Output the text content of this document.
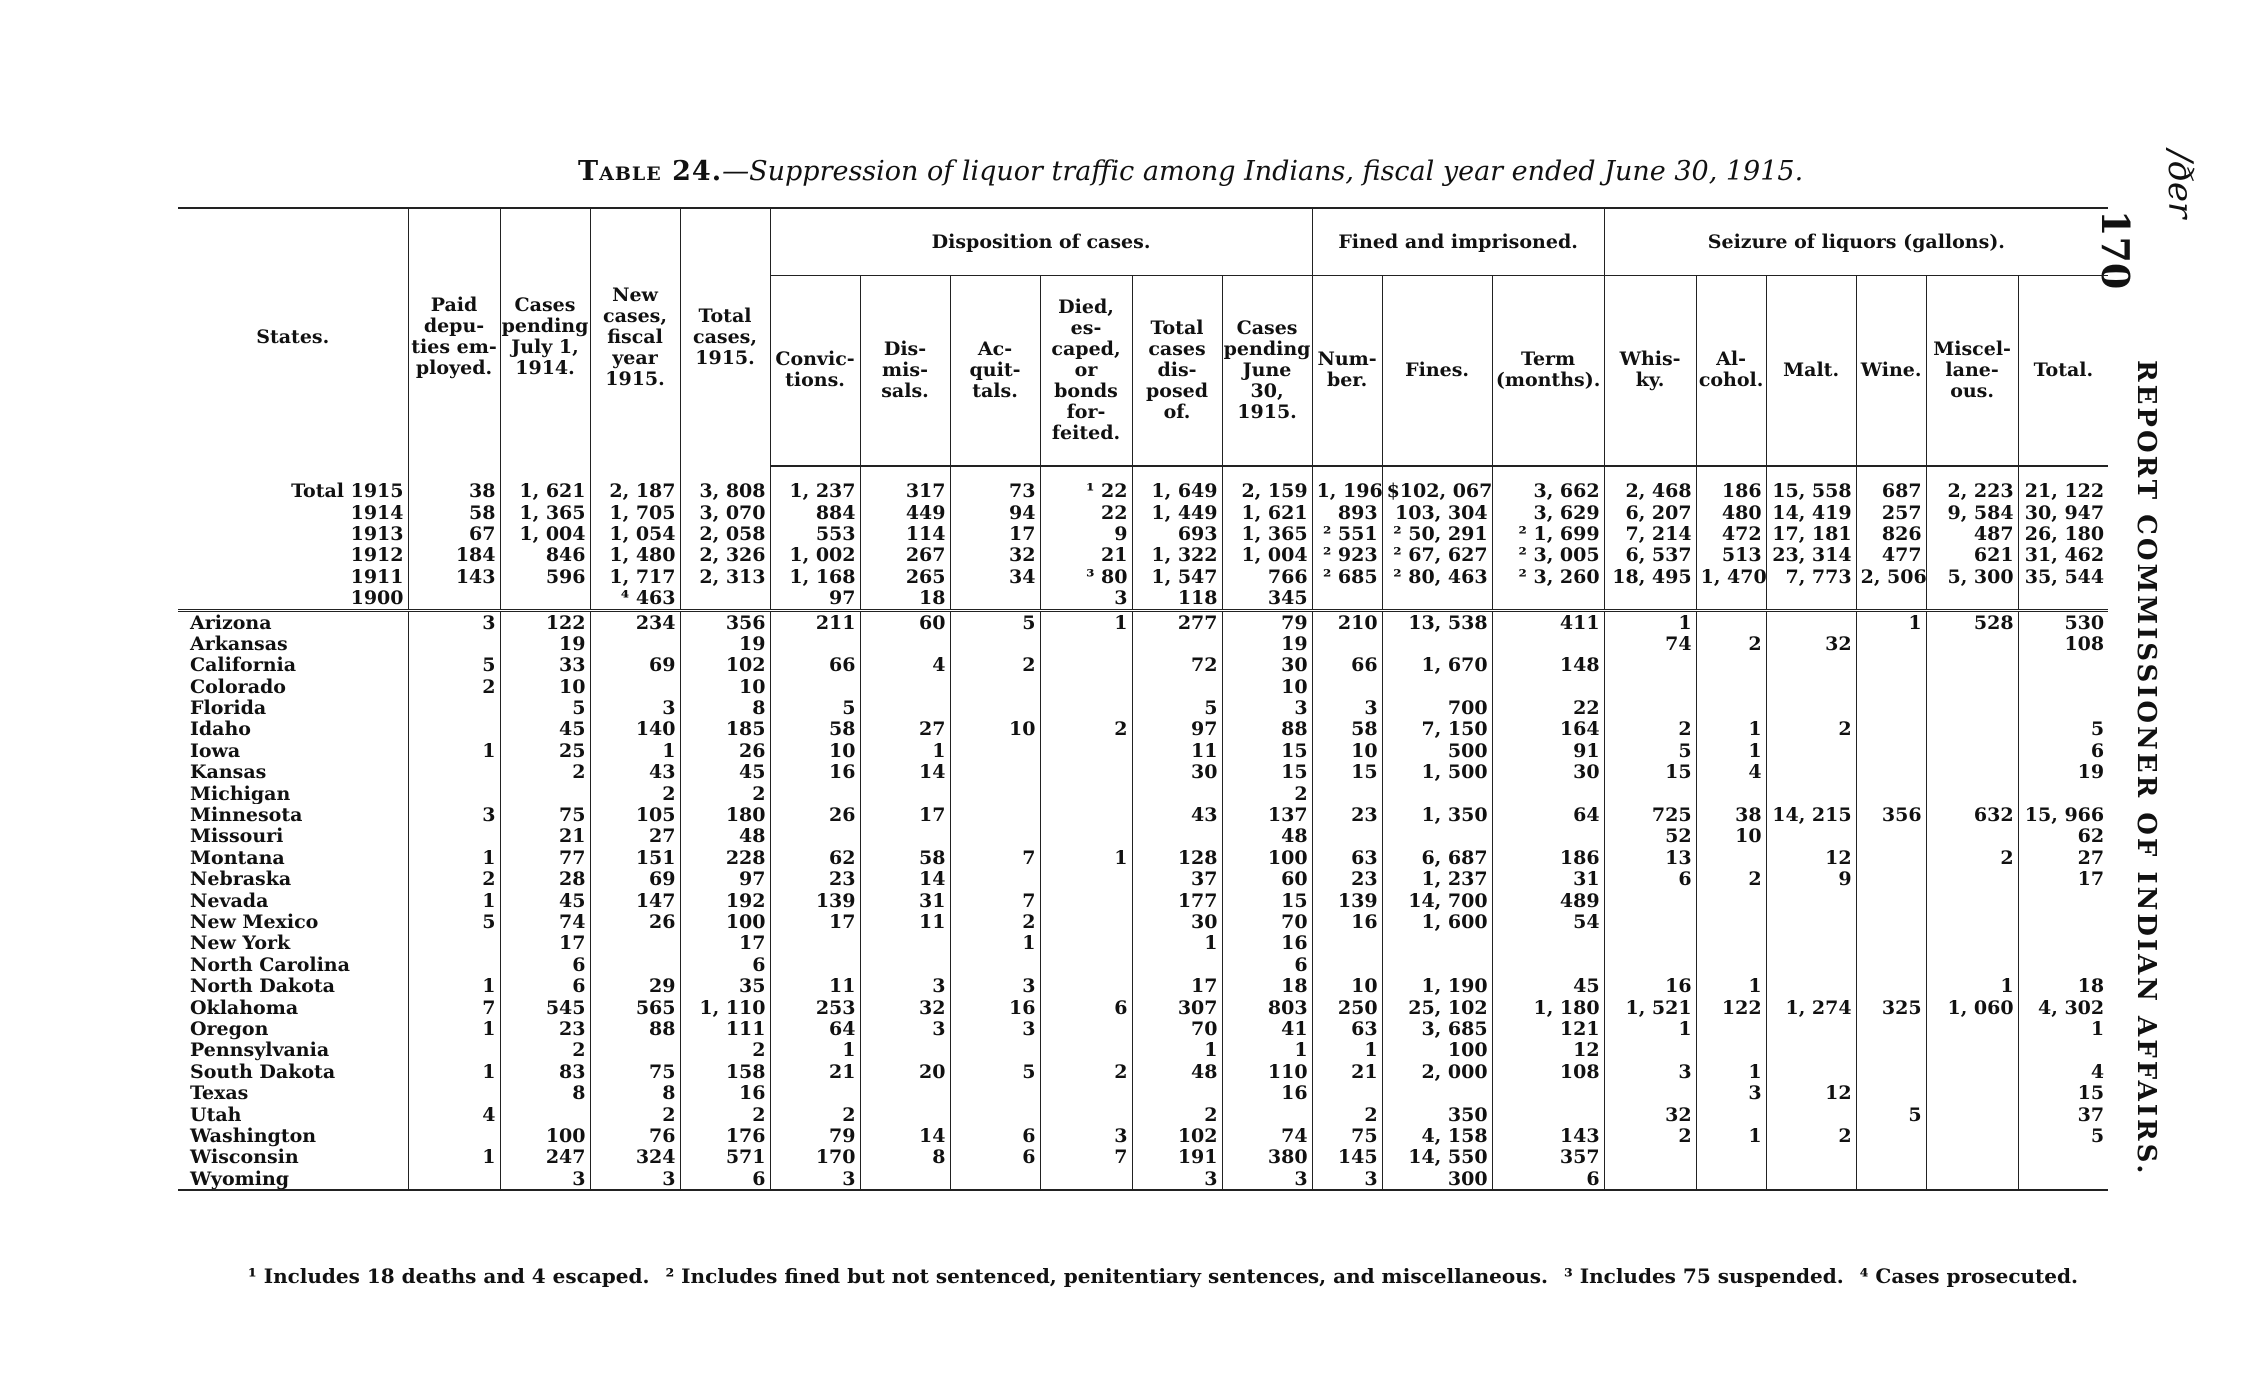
/ðer
170
REPORT COMMISSIONER OF INDIAN AFFAIRS.
Table 24.—Suppression of liquor traffic among Indians, fiscal year ended June 30, 1915.
States.	Paid depu- ties em- ployed.	Cases pending July 1, 1914.	New cases, fiscal year 1915.	Total cases, 1915.	Disposition of cases.						Fined and imprisoned.			Seizure of liquors (gallons).					
					Convic- tions.	Dis- mis- sals.	Ac- quit- tals.	Died, es- caped, or bonds for- feited.	Total cases dis- posed of.	Cases pending June 30, 1915.	Num- ber.	Fines.	Term (months).	Whis- ky.	Al- cohol.	Malt.	Wine.	Miscel- lane- ous.	Total.
Total 1915	38	1, 621	2, 187	3, 808	1, 237	317	73	¹ 22	1, 649	2, 159	1, 196	$102, 067	3, 662	2, 468	186	15, 558	687	2, 223	21, 122
1914	58	1, 365	1, 705	3, 070	884	449	94	22	1, 449	1, 621	893	103, 304	3, 629	6, 207	480	14, 419	257	9, 584	30, 947
1913	67	1, 004	1, 054	2, 058	553	114	17	9	693	1, 365	² 551	² 50, 291	² 1, 699	7, 214	472	17, 181	826	487	26, 180
1912	184	846	1, 480	2, 326	1, 002	267	32	21	1, 322	1, 004	² 923	² 67, 627	² 3, 005	6, 537	513	23, 314	477	621	31, 462
1911	143	596	1, 717	2, 313	1, 168	265	34	³ 80	1, 547	766	² 685	² 80, 463	² 3, 260	18, 495	1, 470	7, 773	2, 506	5, 300	35, 544
1900			⁴ 463		97	18		3	118	345									
Arizona	3	122	234	356	211	60	5	1	277	79	210	13, 538	411	1			1	528	530
Arkansas		19		19						19				74	2	32			108
California	5	33	69	102	66	4	2		72	30	66	1, 670	148						
Colorado	2	10		10						10									
Florida		5	3	8	5				5	3	3	700	22						
Idaho		45	140	185	58	27	10	2	97	88	58	7, 150	164	2	1	2			5
Iowa	1	25	1	26	10	1			11	15	10	500	91	5	1				6
Kansas		2	43	45	16	14			30	15	15	1, 500	30	15	4				19
Michigan			2	2						2									
Minnesota	3	75	105	180	26	17			43	137	23	1, 350	64	725	38	14, 215	356	632	15, 966
Missouri		21	27	48						48				52	10				62
Montana	1	77	151	228	62	58	7	1	128	100	63	6, 687	186	13		12		2	27
Nebraska	2	28	69	97	23	14			37	60	23	1, 237	31	6	2	9			17
Nevada	1	45	147	192	139	31	7		177	15	139	14, 700	489						
New Mexico	5	74	26	100	17	11	2		30	70	16	1, 600	54						
New York		17		17			1		1	16									
North Carolina		6		6						6									
North Dakota	1	6	29	35	11	3	3		17	18	10	1, 190	45	16	1			1	18
Oklahoma	7	545	565	1, 110	253	32	16	6	307	803	250	25, 102	1, 180	1, 521	122	1, 274	325	1, 060	4, 302
Oregon	1	23	88	111	64	3	3		70	41	63	3, 685	121	1					1
Pennsylvania		2		2	1				1	1	1	100	12						
South Dakota	1	83	75	158	21	20	5	2	48	110	21	2, 000	108	3	1				4
Texas		8	8	16						16					3	12			15
Utah	4		2	2	2				2		2	350		32			5		37
Washington		100	76	176	79	14	6	3	102	74	75	4, 158	143	2	1	2			5
Wisconsin	1	247	324	571	170	8	6	7	191	380	145	14, 550	357						
Wyoming		3	3	6	3				3	3	3	300	6						
¹ Includes 18 deaths and 4 escaped. ² Includes fined but not sentenced, penitentiary sentences, and miscellaneous. ³ Includes 75 suspended. ⁴ Cases prosecuted.
